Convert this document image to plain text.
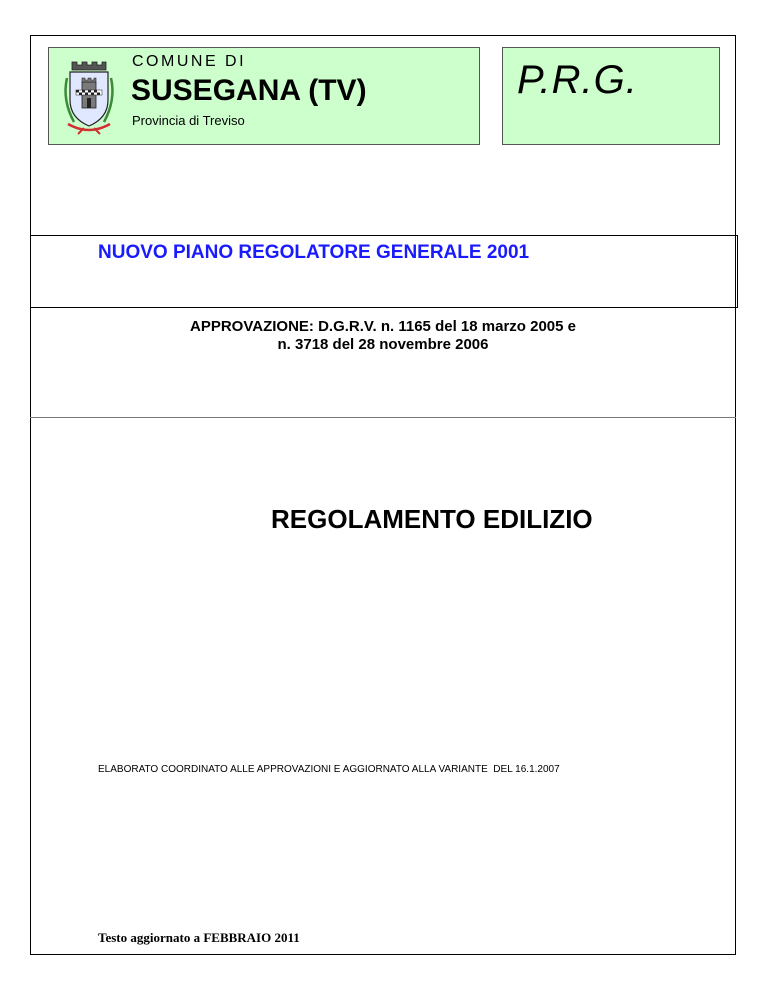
COMUNE DI
SUSEGANA (TV)
Provincia di Treviso
P.R.G.
NUOVO PIANO REGOLATORE GENERALE 2001
APPROVAZIONE: D.G.R.V. n. 1165 del 18 marzo 2005 e
n. 3718 del 28 novembre 2006
REGOLAMENTO EDILIZIO
ELABORATO COORDINATO ALLE APPROVAZIONI E AGGIORNATO ALLA VARIANTE  DEL 16.1.2007
Testo aggiornato a FEBBRAIO 2011
